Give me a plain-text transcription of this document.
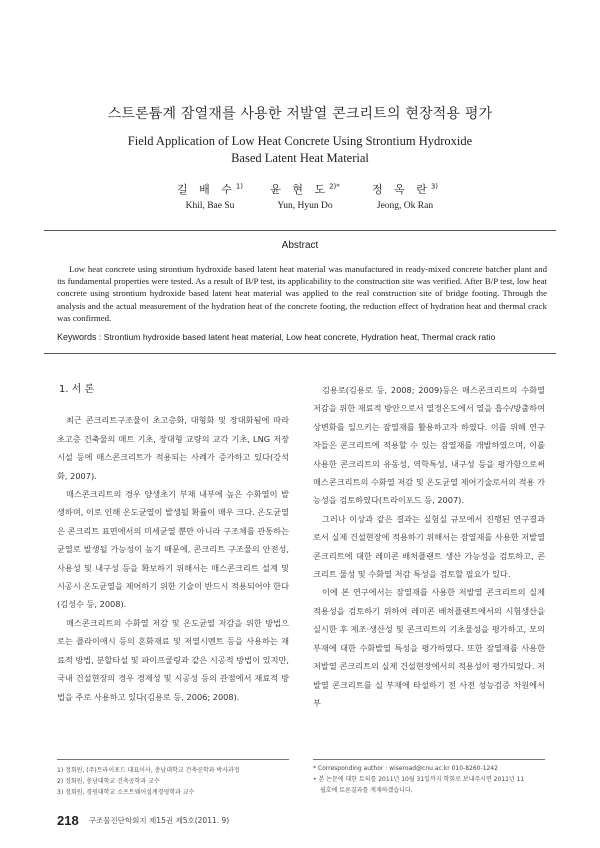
스트론튬계 잠열재를 사용한 저발열 콘크리트의 현장적용 평가
Field Application of Low Heat Concrete Using Strontium Hydroxide
Based Latent Heat Material
길 배 수$^{1)}$
Khil, Bae Su
윤 현 도$^{2)*}$
Yun, Hyun Do
정 옥 란$^{3)}$
Jeong, Ok Ran
Abstract

Low heat concrete using strontium hydroxide based latent heat material was manufactured in ready-mixed concrete batcher plant and its fundamental properties were tested. As a result of B/P test, its applicability to the construction site was verified. After B/P test, low heat concrete using strontium hydroxide based latent heat material was applied to the real construction site of bridge footing. Through the analysis and the actual measurement of the hydration heat of the concrete footing, the reduction effect of hydration heat and thermal crack was confirmed.

Keywords : Strontium hydroxide based latent heat material, Low heat concrete, Hydration heat, Thermal crack ratio
1. 서 론

최근 콘크리트구조물이 초고층화, 대형화 및 장대화됨에 따라 초고층 건축물의 매트 기초, 장대형 교량의 교각 기초, LNG 저장시설 등에 매스콘크리트가 적용되는 사례가 증가하고 있다(강석화, 2007).

매스콘크리트의 경우 양생초기 부재 내부에 높은 수화열이 발생하며, 이로 인해 온도균열이 발생될 확률이 매우 크다. 온도균열은 콘크리트 표면에서의 미세균열 뿐만 아니라 구조체를 관통하는 균열로 발생될 가능성이 높기 때문에, 콘크리트 구조물의 안전성, 사용성 및 내구성 등을 확보하기 위해서는 매스콘크리트 설계 및 시공시 온도균열을 제어하기 위한 기술이 반드시 적용되어야 한다(김성수 등, 2008).

매스콘크리트의 수화열 저감 및 온도균열 저감을 위한 방법으로는 플라이애시 등의 혼화재료 및 저열시멘트 등을 사용하는 재료적 방법, 분할타설 및 파이프쿨링과 같은 시공적 방법이 있지만, 국내 건설현장의 경우 경제성 및 시공성 등의 관점에서 재료적 방법을 주로 사용하고 있다(김용로 등, 2006; 2008).

김용로(김용로 등, 2008; 2009)등은 매스콘크리트의 수화열 저감을 위한 재료적 방안으로서 열정온도에서 열을 흡수/방출하여 상변화를 일으키는 잠열재를 활용하고자 하였다. 이를 위해 연구자들은 콘크리트에 적용할 수 있는 잠열재를 개발하였으며, 이를 사용한 콘크리트의 유동성, 역학특성, 내구성 등을 평가함으로써 매스콘크리트의 수화열 저감 및 온도균열 제어기술로서의 적용 가능성을 검토하였다(트라이포드 등, 2007).

그러나 이상과 같은 결과는 실험실 규모에서 진행된 연구결과로서 실제 건설현장에 적용하기 위해서는 잠열재를 사용한 저발열 콘크리트에 대한 레미콘 배처플랜트 생산 가능성을 검토하고, 콘크리트 물성 및 수화열 저감 특성을 검토할 필요가 있다.

이에 본 연구에서는 잠열재를 사용한 저발열 콘크리트의 실제 적용성을 검토하기 위하여 레미콘 배처플랜트에서의 시험생산을 실시한 후 제조·생산성 및 콘크리트의 기초물성을 평가하고, 모의부재에 대한 수화발열 특성을 평가하였다. 또한 잠열재를 사용한 저발열 콘크리트의 실제 건설현장에서의 적용성이 평가되었다. 저발열 콘크리트를 실 부재에 타설하기 전 사전 성능검증 차원에서 부

1) 정회원, (주)트라이포드 대표이사, 충남대학교 건축공학과 박사과정
2) 정회원, 충남대학교 건축공학과 교수
3) 정회원, 경원대학교 소프트웨어설계경영학과 교수
* Corresponding author : wiseroad@cnu.ac.kr 010-8260-1242
• 본 논문에 대한 토의를 2011년 10월 31일까지 학회로 보내주시면 2011년 11
월호에 토론결과를 게재하겠습니다.
218 구조물진단학회지 제15권 제5호(2011. 9)
